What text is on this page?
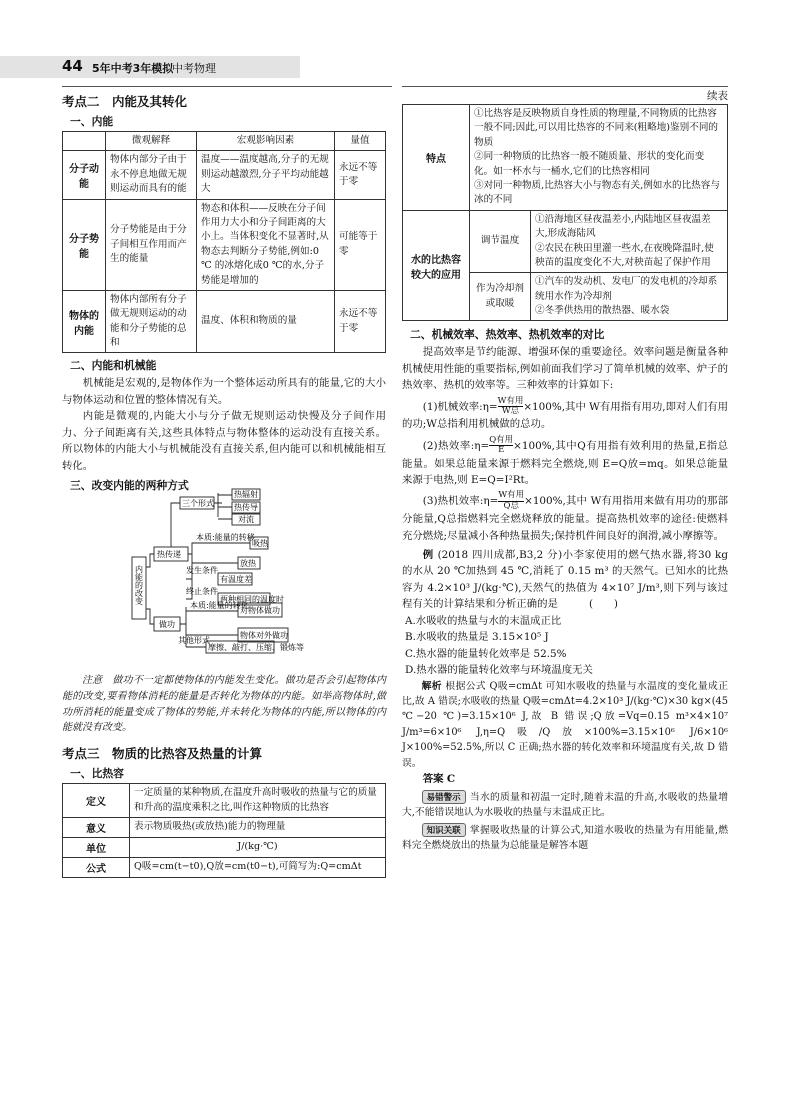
44 5年中考3年模拟
中考物理
续表
考点二　内能及其转化
一、内能
	微观解释	宏观影响因素	量值
分子动能	物体内部分子由于永不停息地做无规则运动而具有的能	温度——温度越高,分子的无规则运动越激烈,分子平均动能越大	永远不等于零
分子势能	分子势能是由于分子间相互作用而产生的能量	物态和体积——反映在分子间作用力大小和分子间距离的大小上。当体积变化不显著时,从物态去判断分子势能,例如:0 ℃ 的冰熔化成0 ℃的水,分子势能是增加的	可能等于零
物体的内能	物体内部所有分子做无规则运动的动能和分子势能的总和	温度、体积和物质的量	永远不等于零
二、内能和机械能

机械能是宏观的,是物体作为一个整体运动所具有的能量,它的大小与物体运动和位置的整体情况有关。

内能是微观的,内能大小与分子做无规则运动快慢及分子间作用力、分子间距离有关,这些具体特点与物体整体的运动没有直接关系。所以物体的内能大小与机械能没有直接关系,但内能可以和机械能相互转化。

三、改变内能的两种方式
内能的改变
热传递
做功
三个形式
热辐射
热传导
对流
本质:能量的转移
吸热
放热
发生条件
有温度差
终止条件
两种相同的温度时
本质:能量的转化
对物体做功
物体对外做功
其他形式
摩擦、敲打、压缩、锻炼等

注意　做功不一定都使物体的内能发生变化。做功是否会引起物体内能的改变,要看物体消耗的能量是否转化为物体的内能。如举高物体时,做功所消耗的能量变成了物体的势能,并未转化为物体的内能,所以物体的内能就没有改变。

考点三　物质的比热容及热量的计算
一、比热容
定义	一定质量的某种物质,在温度升高时吸收的热量与它的质量和升高的温度乘积之比,叫作这种物质的比热容
意义	表示物质吸热(或放热)能力的物理量
单位	J/(kg·℃)
公式	Q吸=cm(t−t0),Q放=cm(t0−t),可简写为:Q=cmΔt
特点	①比热容是反映物质自身性质的物理量,不同物质的比热容一般不同;因此,可以用比热容的不同来(粗略地)鉴别不同的物质
②同一种物质的比热容一般不随质量、形状的变化而变化。如一杯水与一桶水,它们的比热容相同
③对同一种物质,比热容大小与物态有关,例如水的比热容与冰的不同	

水的比热容较大的应用	调节温度	①沿海地区昼夜温差小,内陆地区昼夜温差大,形成海陆风
②农民在秧田里灌一些水,在夜晚降温时,使秧苗的温度变化不大,对秧苗起了保护作用

	作为冷却剂或取暖	①汽车的发动机、发电厂的发电机的冷却系统用水作为冷却剂
②冬季供热用的散热器、暖水袋
二、机械效率、热效率、热机效率的对比

提高效率是节约能源、增强环保的重要途径。效率问题是衡量各种机械使用性能的重要指标,例如前面我们学习了简单机械的效率、炉子的热效率、热机的效率等。三种效率的计算如下:

(1)机械效率:η= $\frac{\text{W有用}}{\text{W总}} \times 100\%$,其中 W有用指有用功,即对人们有用的功;W总指利用机械做的总功。

(2)热效率:η= $\frac{\text{Q有用}}{E} \times 100\%$,其中Q有用指有效利用的热量,E指总能量。如果总能量来源于燃料完全燃烧,则 E=Q放=mq。如果总能量来源于电热,则 E=Q=I²Rt。

(3)热机效率:η= $\frac{\text{W有用}}{\text{Q总}} \times 100\%$,其中 W有用指用来做有用功的那部分能量,Q总指燃料完全燃烧释放的能量。提高热机效率的途径:使燃料充分燃烧;尽量减小各种热量损失;保持机件间良好的润滑,减小摩擦等。

例 (2018 四川成都,B3,2 分)小李家使用的燃气热水器,将30 kg 的水从 20 ℃加热到 45 ℃,消耗了 0.15 m³ 的天然气。已知水的比热容为 4.2×10³ J/(kg·℃),天然气的热值为 4×10⁷ J/m³,则下列与该过程有关的计算结果和分析正确的是　　　(　　)

A.水吸收的热量与水的末温成正比

B.水吸收的热量是 3.15×10⁵ J

C.热水器的能量转化效率是 52.5%

D.热水器的能量转化效率与环境温度无关

解析 根据公式 Q吸=cmΔt 可知水吸收的热量与水温度的变化量成正比,故 A 错误;水吸收的热量 Q吸=cmΔt=4.2×10³ J/(kg·℃)×30 kg×(45 ℃−20 ℃)=3.15×10⁶ J,故 B 错误;Q放=Vq=0.15 m³×4×10⁷ J/m³=6×10⁶ J,η=Q吸/Q放×100%=3.15×10⁶ J/6×10⁶ J×100%=52.5%,所以 C 正确;热水器的转化效率和环境温度有关,故 D 错误。

答案 C

易错警示 当水的质量和初温一定时,随着末温的升高,水吸收的热量增大,不能错误地认为水吸收的热量与末温成正比。

知识关联 掌握吸收热量的计算公式,知道水吸收的热量为有用能量,燃料完全燃烧放出的热量为总能量是解答本题
